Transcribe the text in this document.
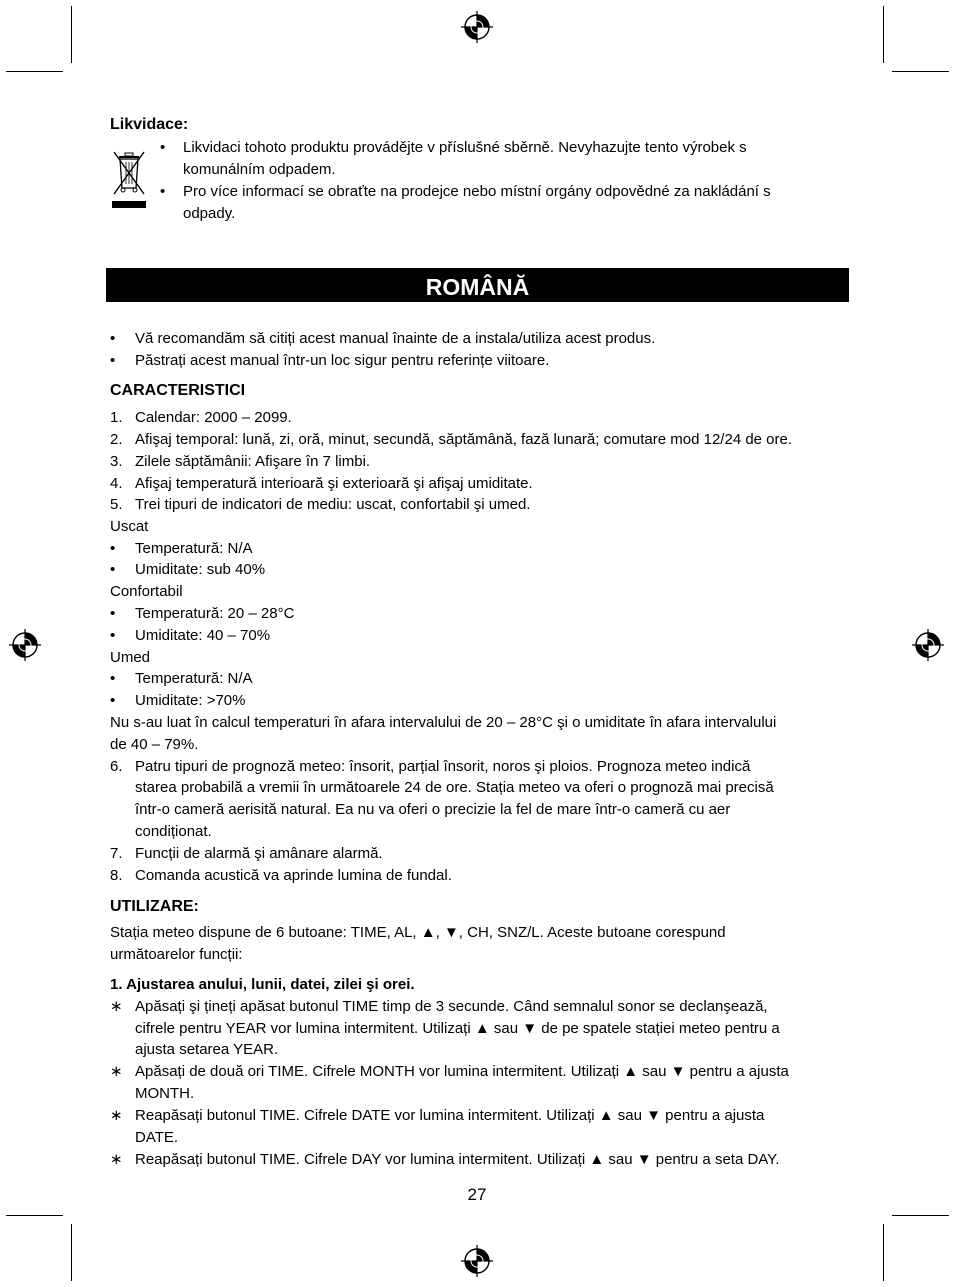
Likvidace:
• Likvidaci tohoto produktu provádějte v příslušné sběrně. Nevyhazujte tento výrobek s
komunálním odpadem.
• Pro více informací se obraťte na prodejce nebo místní orgány odpovědné za nakládání s
odpady.
ROMÂNĂ
• Vă recomandăm să citiți acest manual înainte de a instala/utiliza acest produs.
• Păstrați acest manual într-un loc sigur pentru referințe viitoare.
CARACTERISTICI
1. Calendar: 2000 – 2099.
2. Afişaj temporal: lună, zi, oră, minut, secundă, săptămână, fază lunară; comutare mod 12/24 de ore.
3. Zilele săptămânii: Afişare în 7 limbi.
4. Afişaj temperatură interioară şi exterioară şi afişaj umiditate.
5. Trei tipuri de indicatori de mediu: uscat, confortabil şi umed.
Uscat
• Temperatură: N/A
• Umiditate: sub 40%
Confortabil
• Temperatură: 20 – 28°C
• Umiditate: 40 – 70%
Umed
• Temperatură: N/A
• Umiditate: >70%
Nu s-au luat în calcul temperaturi în afara intervalului de 20 – 28°C şi o umiditate în afara intervalului
de 40 – 79%.
6. Patru tipuri de prognoză meteo: însorit, parțial însorit, noros şi ploios. Prognoza meteo indică
starea probabilă a vremii în următoarele 24 de ore. Stația meteo va oferi o prognoză mai precisă
într-o cameră aerisită natural. Ea nu va oferi o precizie la fel de mare într-o cameră cu aer
condiționat.
7. Funcții de alarmă şi amânare alarmă.
8. Comanda acustică va aprinde lumina de fundal.
UTILIZARE:
Stația meteo dispune de 6 butoane: TIME, AL, ▲, ▼, CH, SNZ/L. Aceste butoane corespund
următoarelor funcții:
1. Ajustarea anului, lunii, datei, zilei şi orei.
∗ Apăsați şi țineți apăsat butonul TIME timp de 3 secunde. Când semnalul sonor se declanşează,
cifrele pentru YEAR vor lumina intermitent. Utilizați ▲ sau ▼ de pe spatele stației meteo pentru a
ajusta setarea YEAR.
∗ Apăsați de două ori TIME. Cifrele MONTH vor lumina intermitent. Utilizați ▲ sau ▼ pentru a ajusta
MONTH.
∗ Reapăsați butonul TIME. Cifrele DATE vor lumina intermitent. Utilizați ▲ sau ▼ pentru a ajusta
DATE.
∗ Reapăsați butonul TIME. Cifrele DAY vor lumina intermitent. Utilizați ▲ sau ▼ pentru a seta DAY.
27
